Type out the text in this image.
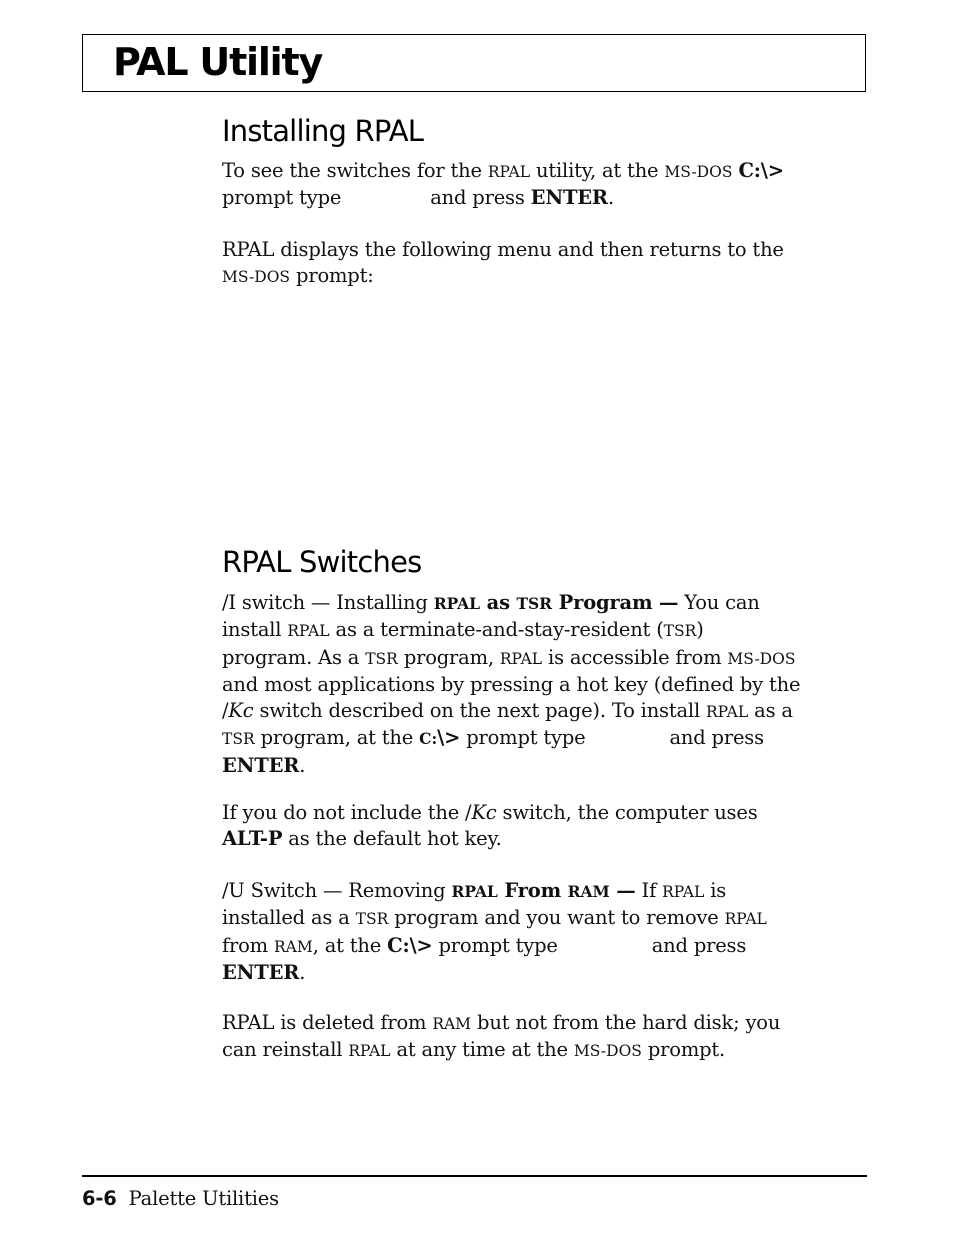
PAL Utility
Installing RPAL
To see the switches for the RPAL utility, at the MS-DOS C:\>
prompt type	and press ENTER.
RPAL displays the following menu and then returns to the
MS-DOS prompt:
RPAL Switches
/I switch — Installing RPAL as TSR Program — You can
install RPAL as a terminate-and-stay-resident (TSR)
program. As a TSR program, RPAL is accessible from MS-DOS
and most applications by pressing a hot key (defined by the
/Kc switch described on the next page). To install RPAL as a
TSR program, at the C:\> prompt type	and press
ENTER.
If you do not include the /Kc switch, the computer uses
ALT-P as the default hot key.
/U Switch — Removing RPAL From RAM — If RPAL is
installed as a TSR program and you want to remove RPAL
from RAM, at the C:\> prompt type	and press
ENTER.
RPAL is deleted from RAM but not from the hard disk; you
can reinstall RPAL at any time at the MS-DOS prompt.
6-6 Palette Utilities
